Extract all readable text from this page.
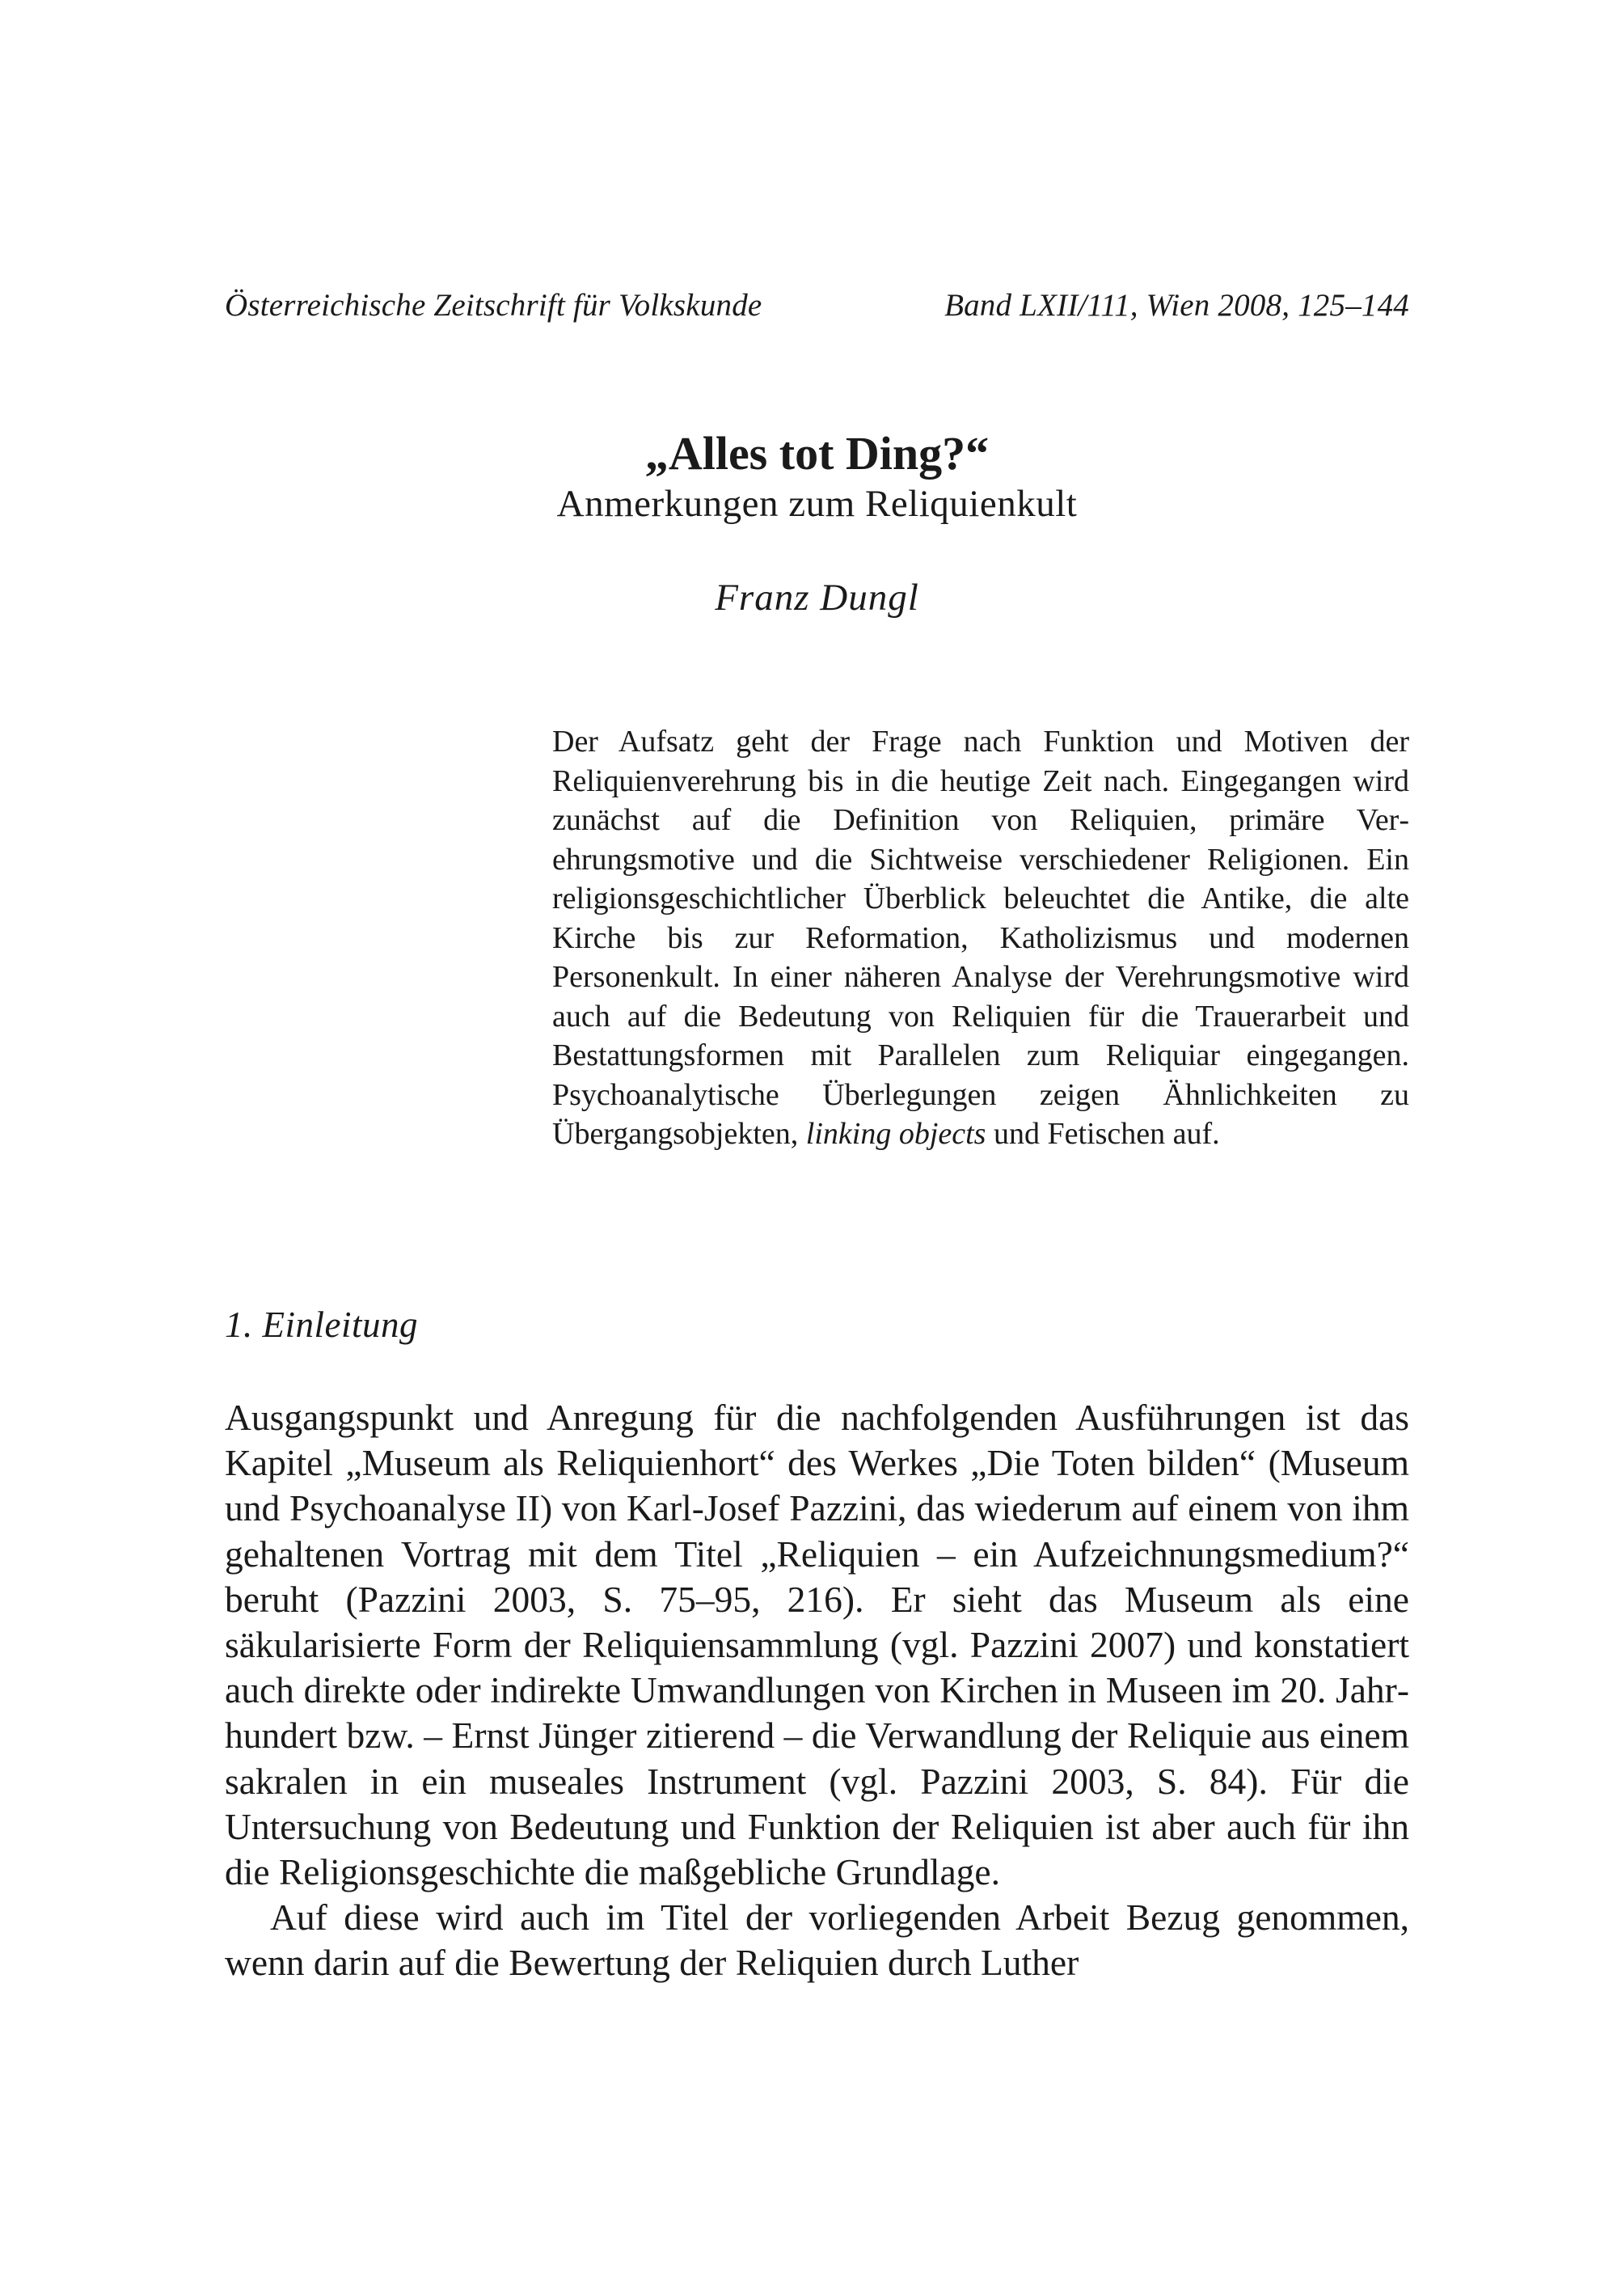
Österreichische Zeitschrift für Volkskunde	Band LXII/111, Wien 2008, 125–144
„Alles tot Ding?“
Anmerkungen zum Reliquienkult
Franz Dungl

Der Aufsatz geht der Frage nach Funktion und Motiven der Reliquienverehrung bis in die heutige Zeit nach. Eingegangen wird zunächst auf die Definition von Reliquien, primäre Verehrungsmotive und die Sichtweise verschiedener Religionen. Ein religionsgeschichtlicher Überblick beleuchtet die Antike, die alte Kirche bis zur Reformation, Katholizismus und modernen Personenkult. In einer näheren Analyse der Verehrungsmotive wird auch auf die Bedeutung von Reliquien für die Trauerarbeit und Bestattungsformen mit Parallelen zum Reliquiar eingegangen. Psychoanalytische Überlegungen zeigen Ähnlichkeiten zu Übergangsobjekten, linking objects und Fetischen auf.

1. Einleitung

Ausgangspunkt und Anregung für die nachfolgenden Ausführungen ist das Kapitel „Museum als Reliquienhort“ des Werkes „Die Toten bilden“ (Museum und Psychoanalyse II) von Karl-Josef Pazzini, das wiederum auf einem von ihm gehaltenen Vortrag mit dem Titel „Reliquien – ein Aufzeichnungsmedium?“ beruht (Pazzini 2003, S. 75–95, 216). Er sieht das Museum als eine säkularisierte Form der Reliquiensammlung (vgl. Pazzini 2007) und konstatiert auch direkte oder indirekte Umwandlungen von Kirchen in Museen im 20. Jahrhundert bzw. – Ernst Jünger zitierend – die Verwandlung der Reliquie aus einem sakralen in ein museales Instrument (vgl. Pazzini 2003, S. 84). Für die Untersuchung von Bedeutung und Funktion der Reliquien ist aber auch für ihn die Religionsgeschichte die maßgebliche Grundlage.

Auf diese wird auch im Titel der vorliegenden Arbeit Bezug genommen, wenn darin auf die Bewertung der Reliquien durch Luther
